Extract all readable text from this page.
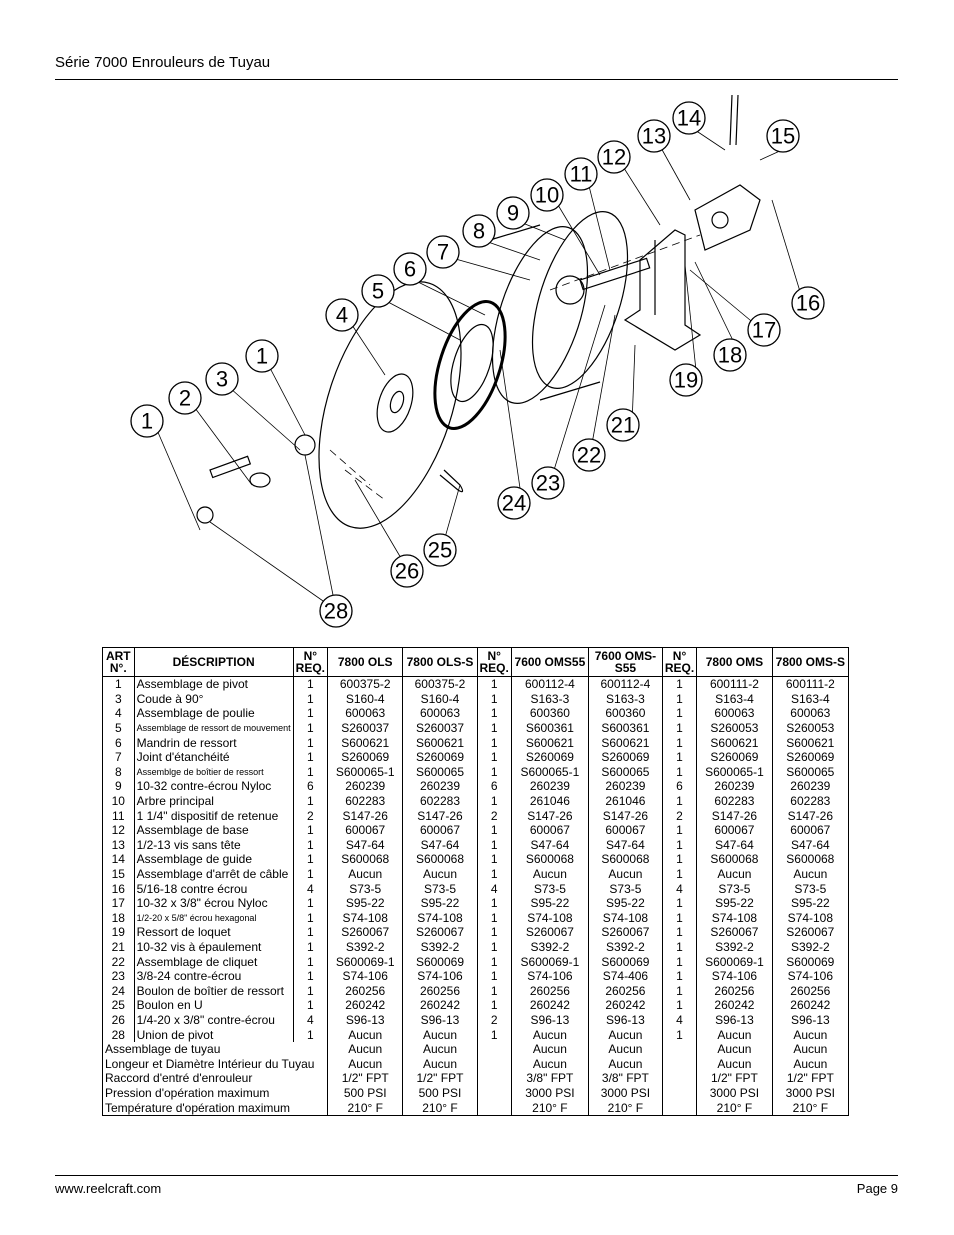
Série 7000 Enrouleurs de Tuyau
1
2
3
1
4
5
6
7
8
9
10
11
12
13
14
15
16
17
18
19
21
22
23
24
25
26
28
ART N°.	DÉSCRIPTION	N° REQ.	7800 OLS	7800 OLS-S	N° REQ.	7600 OMS55	7600 OMS-S55	N° REQ.	7800 OMS	7800 OMS-S
1	Assemblage de pivot	1	600375-2	600375-2	1	600112-4	600112-4	1	600111-2	600111-2
3	Coude à 90°	1	S160-4	S160-4	1	S163-3	S163-3	1	S163-4	S163-4
4	Assemblage de poulie	1	600063	600063	1	600360	600360	1	600063	600063
5	Assemblage de ressort de mouvement	1	S260037	S260037	1	S600361	S600361	1	S260053	S260053
6	Mandrin de ressort	1	S600621	S600621	1	S600621	S600621	1	S600621	S600621
7	Joint d'étanchéité	1	S260069	S260069	1	S260069	S260069	1	S260069	S260069
8	Assemblge de boîtier de ressort	1	S600065-1	S600065	1	S600065-1	S600065	1	S600065-1	S600065
9	10-32 contre-écrou Nyloc	6	260239	260239	6	260239	260239	6	260239	260239
10	Arbre principal	1	602283	602283	1	261046	261046	1	602283	602283
11	1 1/4" dispositif de retenue	2	S147-26	S147-26	2	S147-26	S147-26	2	S147-26	S147-26
12	Assemblage de base	1	600067	600067	1	600067	600067	1	600067	600067
13	1/2-13 vis sans tête	1	S47-64	S47-64	1	S47-64	S47-64	1	S47-64	S47-64
14	Assemblage de guide	1	S600068	S600068	1	S600068	S600068	1	S600068	S600068
15	Assemblage d'arrêt de câble	1	Aucun	Aucun	1	Aucun	Aucun	1	Aucun	Aucun
16	5/16-18 contre écrou	4	S73-5	S73-5	4	S73-5	S73-5	4	S73-5	S73-5
17	10-32 x 3/8" écrou Nyloc	1	S95-22	S95-22	1	S95-22	S95-22	1	S95-22	S95-22
18	1/2-20 x 5/8" écrou hexagonal	1	S74-108	S74-108	1	S74-108	S74-108	1	S74-108	S74-108
19	Ressort de loquet	1	S260067	S260067	1	S260067	S260067	1	S260067	S260067
21	10-32 vis à épaulement	1	S392-2	S392-2	1	S392-2	S392-2	1	S392-2	S392-2
22	Assemblage de cliquet	1	S600069-1	S600069	1	S600069-1	S600069	1	S600069-1	S600069
23	3/8-24 contre-écrou	1	S74-106	S74-106	1	S74-106	S74-406	1	S74-106	S74-106
24	Boulon de boîtier de ressort	1	260256	260256	1	260256	260256	1	260256	260256
25	Boulon en U	1	260242	260242	1	260242	260242	1	260242	260242
26	1/4-20 x 3/8" contre-écrou	4	S96-13	S96-13	2	S96-13	S96-13	4	S96-13	S96-13
28	Union de pivot	1	Aucun	Aucun	1	Aucun	Aucun	1	Aucun	Aucun
Assemblage de tuyau			Aucun	Aucun		Aucun	Aucun		Aucun	Aucun
Longeur et Diamètre Intérieur du Tuyau			Aucun	Aucun		Aucun	Aucun		Aucun	Aucun
Raccord d'entré d'enrouleur			1/2" FPT	1/2" FPT		3/8" FPT	3/8" FPT		1/2" FPT	1/2" FPT
Pression d'opération maximum			500 PSI	500 PSI		3000 PSI	3000 PSI		3000 PSI	3000 PSI
Température d'opération maximum			210° F	210° F		210° F	210° F		210° F	210° F
www.reelcraft.com	Page 9
